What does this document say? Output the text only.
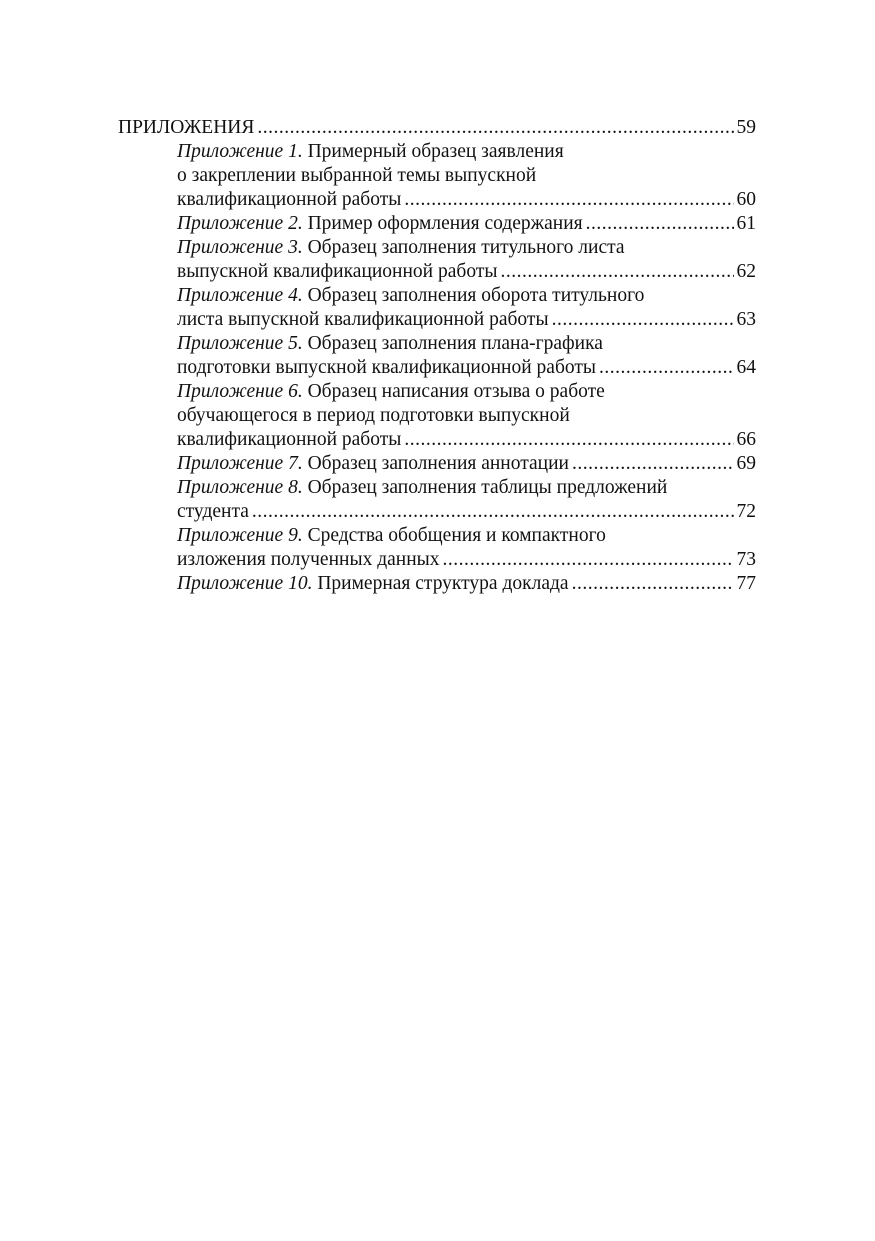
ПРИЛОЖЕНИЯ .....	59
Приложение 1. Примерный образец заявления
о закреплении выбранной темы выпускной
квалификационной работы .....	60
Приложение 2. Пример оформления содержания .....	61
Приложение 3. Образец заполнения титульного листа
выпускной квалификационной работы .....	62
Приложение 4. Образец заполнения оборота титульного
листа выпускной квалификационной работы .....	63
Приложение 5. Образец заполнения плана-графика
подготовки выпускной квалификационной работы .....	64
Приложение 6. Образец написания отзыва о работе
обучающегося в период подготовки выпускной
квалификационной работы .....	66
Приложение 7. Образец заполнения аннотации .....	69
Приложение 8. Образец заполнения таблицы предложений
студента .....	72
Приложение 9. Средства обобщения и компактного
изложения полученных данных .....	73
Приложение 10. Примерная структура доклада .....	77
